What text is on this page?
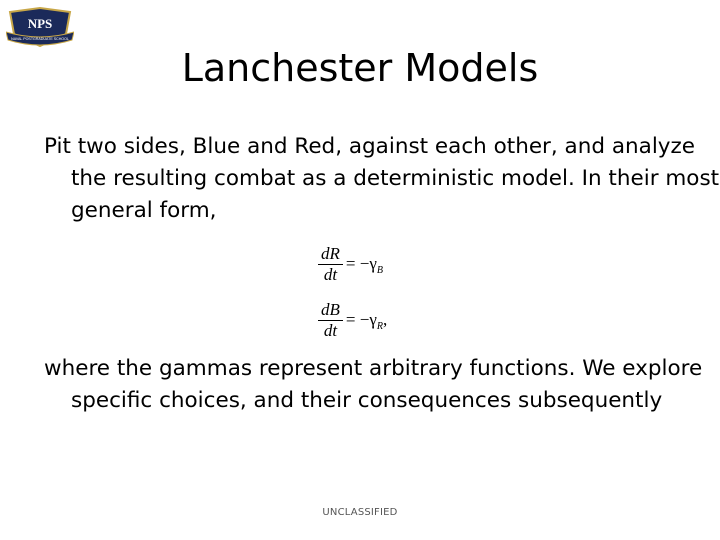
NPS
NAVAL POSTGRADUATE SCHOOL
Lanchester Models
Pit two sides, Blue and Red, against each other, and analyze the resulting combat as a deterministic model. In their most general form,
$\frac{dR}{dt} = -\gamma_B$
$\frac{dB}{dt} = -\gamma_R$,
where the gammas represent arbitrary functions. We explore specific choices, and their consequences subsequently
UNCLASSIFIED
